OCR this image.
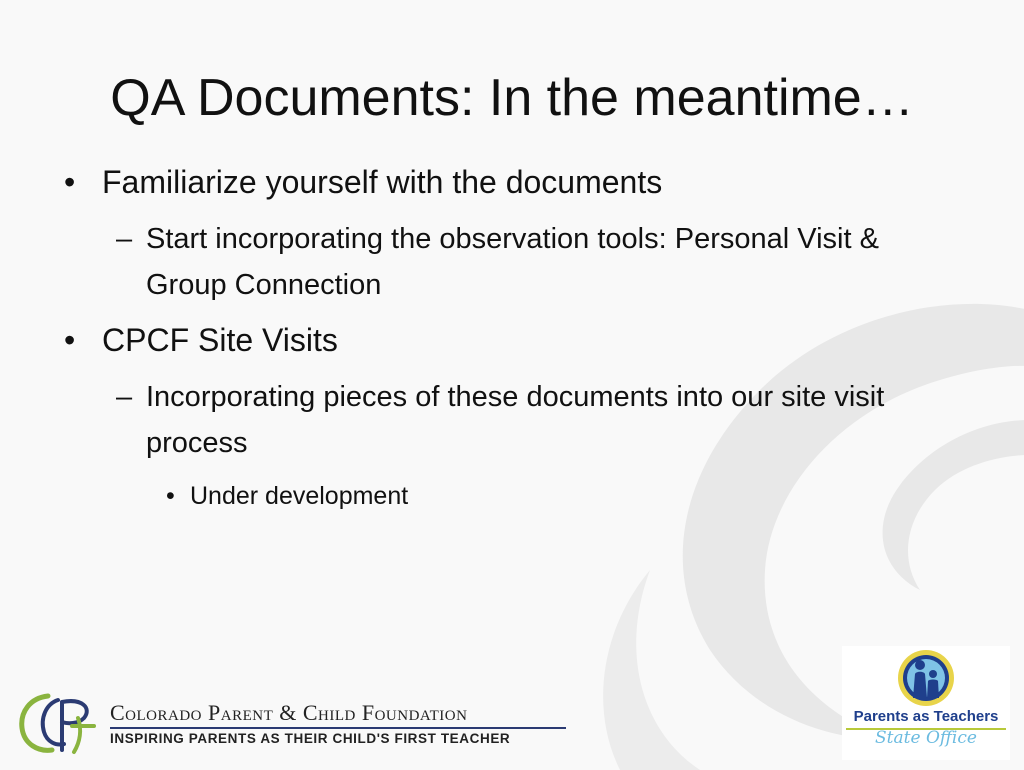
QA Documents: In the meantime…
• Familiarize yourself with the documents
– Start incorporating the observation tools: Personal Visit & Group Connection
• CPCF Site Visits
– Incorporating pieces of these documents into our site visit process
• Under development
Colorado Parent & Child Foundation
INSPIRING PARENTS AS THEIR CHILD'S FIRST TEACHER
Parents as Teachers
State Office
